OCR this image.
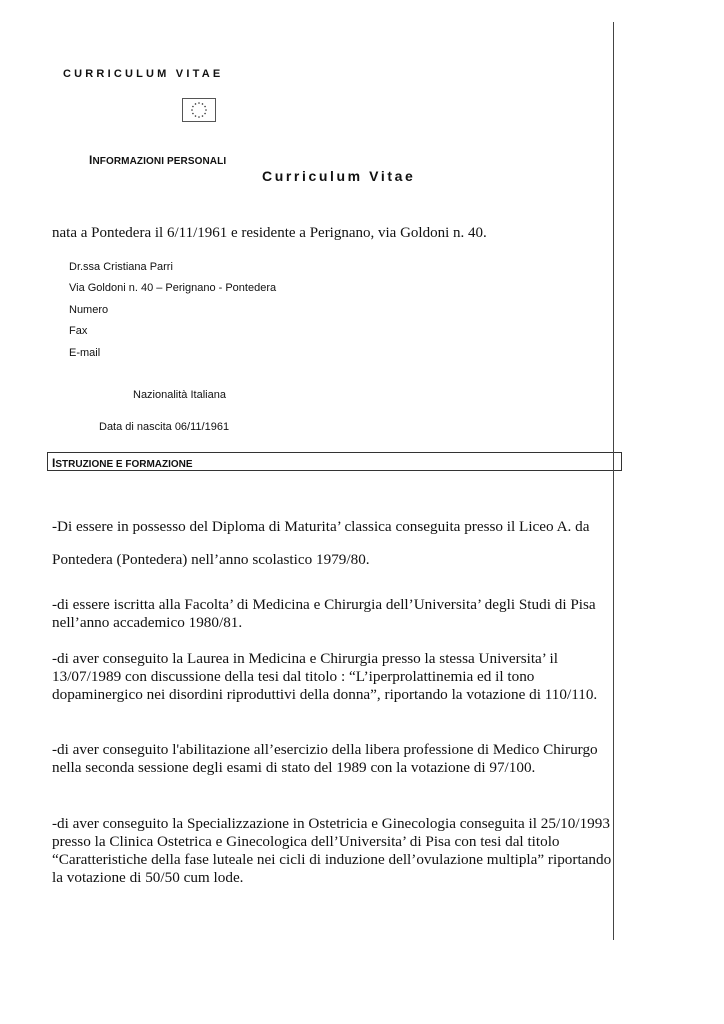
CURRICULUM VITAE
INFORMAZIONI PERSONALI
Curriculum Vitae
nata a Pontedera il 6/11/1961 e residente a Perignano, via Goldoni n. 40.
Dr.ssa Cristiana Parri
Via Goldoni n. 40 – Perignano - Pontedera
Numero
Fax
E-mail
Nazionalità Italiana
Data di nascita 06/11/1961
ISTRUZIONE E FORMAZIONE
-Di essere in possesso del Diploma di Maturita’ classica conseguita presso il Liceo A. da
Pontedera (Pontedera) nell’anno scolastico 1979/80.
-di essere iscritta alla Facolta’ di Medicina e Chirurgia dell’Universita’ degli Studi di Pisa nell’anno accademico 1980/81.
-di aver conseguito la Laurea in Medicina e Chirurgia presso la stessa Universita’ il 13/07/1989 con discussione della tesi dal titolo : “L’iperprolattinemia ed il tono dopaminergico nei disordini riproduttivi della donna”, riportando la votazione di 110/110.
-di aver conseguito l'abilitazione all’esercizio della libera professione di Medico Chirurgo nella seconda sessione degli esami di stato del 1989 con la votazione di 97/100.
-di aver conseguito la Specializzazione in Ostetricia e Ginecologia conseguita il 25/10/1993 presso la Clinica Ostetrica e Ginecologica dell’Universita’ di Pisa con tesi dal titolo “Caratteristiche della fase luteale nei cicli di induzione dell’ovulazione multipla” riportando la votazione di 50/50 cum lode.
